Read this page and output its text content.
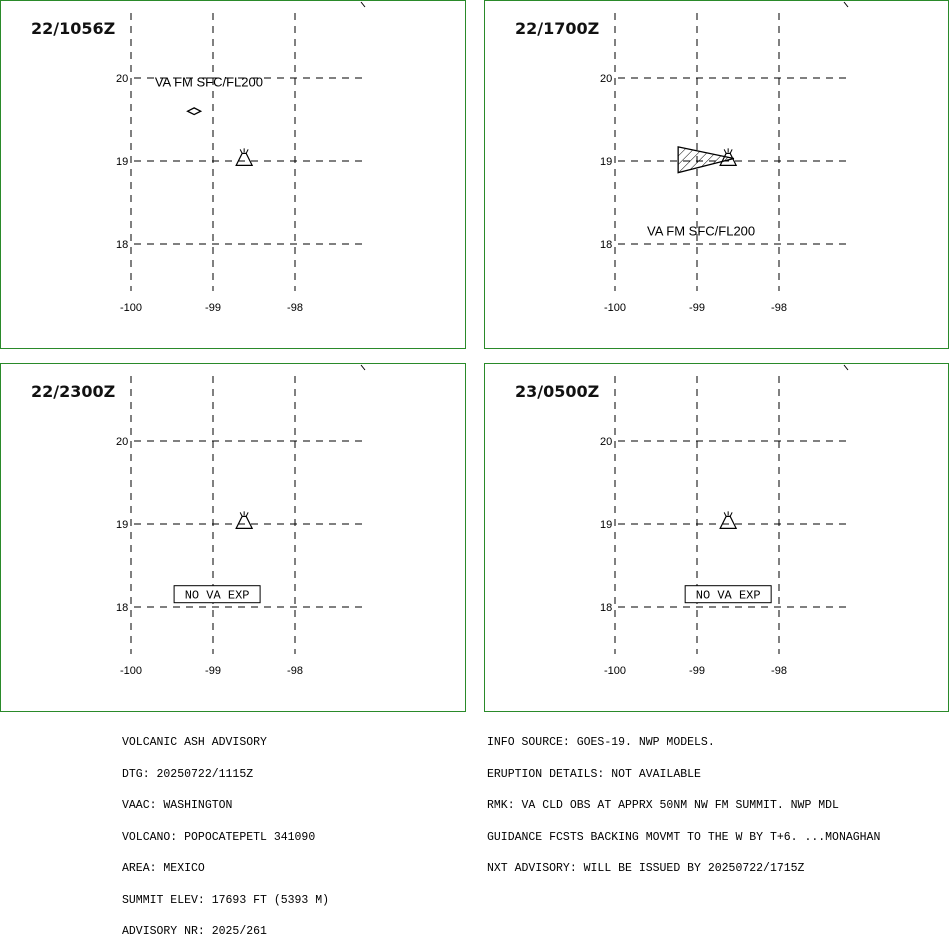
22/1056Z
-100	-99	-98
20
19
18
VA FM SFC/FL200
22/1700Z
-100	-99	-98
20
19
18
VA FM SFC/FL200
22/2300Z
-100	-99	-98
20
19
18
NO VA EXP
23/0500Z
-100	-99	-98
20
19
18
NO VA EXP

VOLCANIC ASH ADVISORY

DTG: 20250722/1115Z

VAAC: WASHINGTON

VOLCANO: POPOCATEPETL 341090

AREA: MEXICO

SUMMIT ELEV: 17693 FT (5393 M)

ADVISORY NR: 2025/261

INFO SOURCE: GOES-19. NWP MODELS.

ERUPTION DETAILS: NOT AVAILABLE

RMK: VA CLD OBS AT APPRX 50NM NW FM SUMMIT. NWP MDL

GUIDANCE FCSTS BACKING MOVMT TO THE W BY T+6. ...MONAGHAN

NXT ADVISORY: WILL BE ISSUED BY 20250722/1715Z
